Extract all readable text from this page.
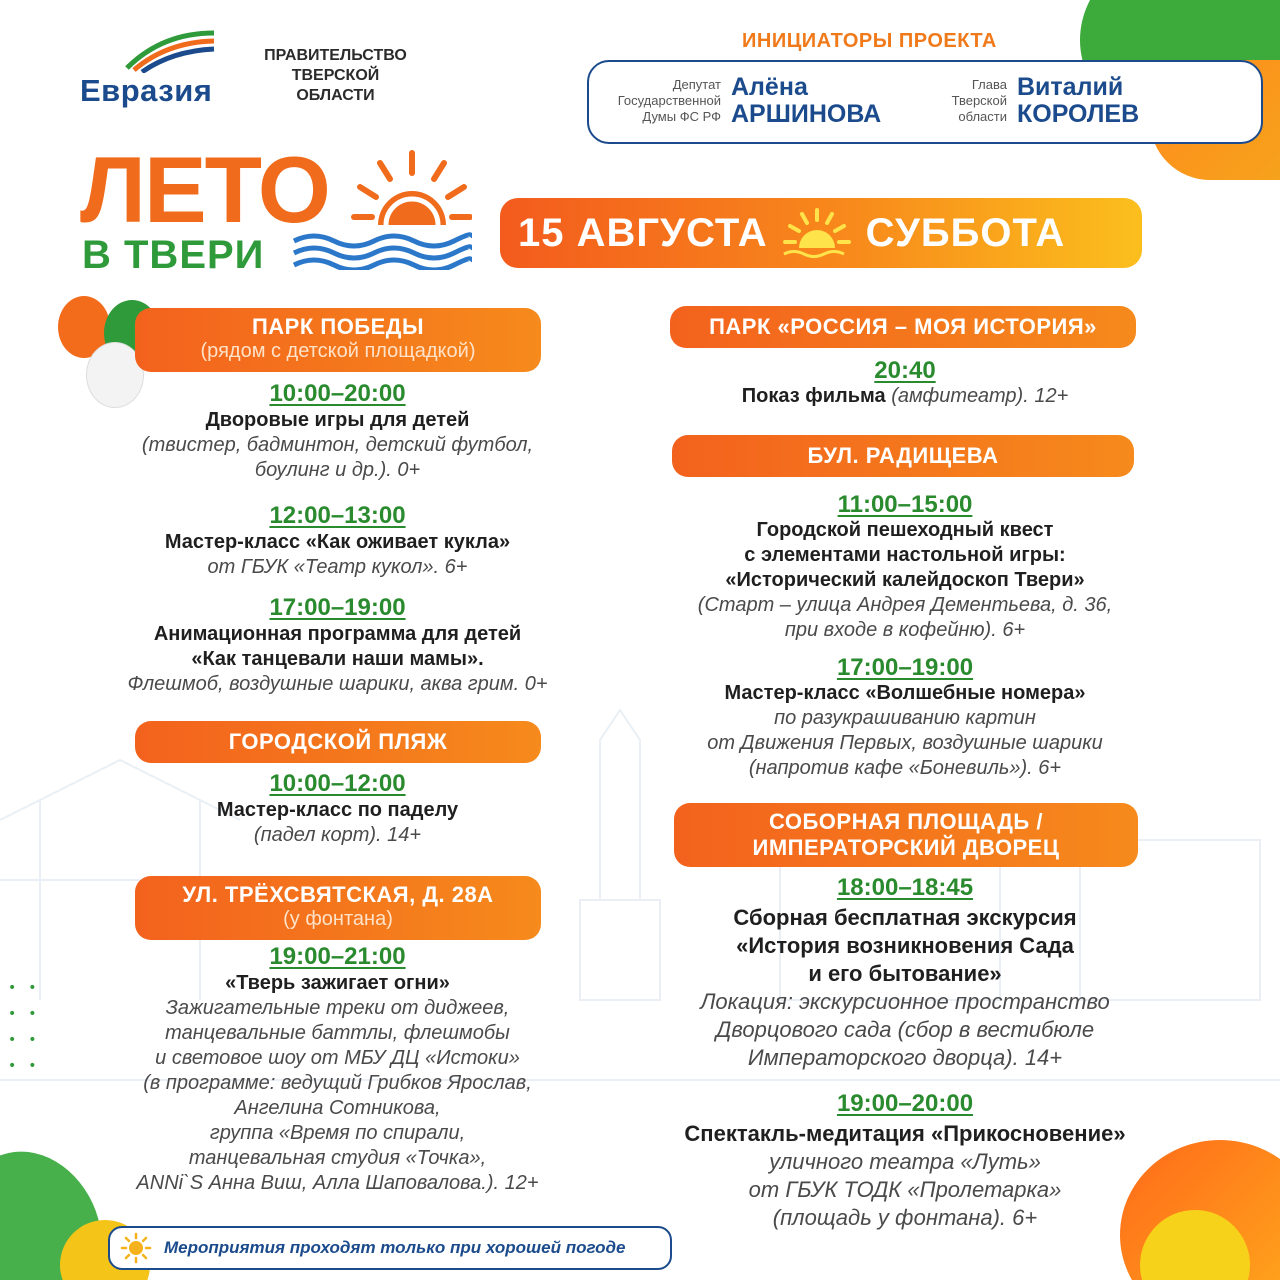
Евразия
ПРАВИТЕЛЬСТВО ТВЕРСКОЙ ОБЛАСТИ
ИНИЦИАТОРЫ ПРОЕКТА
Депутат Государственной Думы ФС РФ
Алёна
АРШИНОВА
Глава Тверской области
Виталий
КОРОЛЕВ
ЛЕТО
В ТВЕРИ
15 АВГУСТА СУББОТА
ПАРК ПОБЕДЫ
(рядом с детской площадкой)
10:00–20:00
Дворовые игры для детей
(твистер, бадминтон, детский футбол,
боулинг и др.). 0+
12:00–13:00
Мастер-класс «Как оживает кукла»
от ГБУК «Театр кукол». 6+
17:00–19:00
Анимационная программа для детей
«Как танцевали наши мамы».
Флешмоб, воздушные шарики, аква грим. 0+
ГОРОДСКОЙ ПЛЯЖ
10:00–12:00
Мастер-класс по паделу
(падел корт). 14+
УЛ. ТРЁХСВЯТСКАЯ, Д. 28А
(у фонтана)
19:00–21:00
«Тверь зажигает огни»
Зажигательные треки от диджеев,
танцевальные баттлы, флешмобы
и световое шоу от МБУ ДЦ «Истоки»
(в программе: ведущий Грибков Ярослав,
Ангелина Сотникова,
группа «Время по спирали,
танцевальная студия «Точка»,
ANNi`S Анна Виш, Алла Шаповалова.). 12+
••
••
••
••
ПАРК «РОССИЯ – МОЯ ИСТОРИЯ»
20:40
Показ фильма (амфитеатр). 12+
БУЛ. РАДИЩЕВА
11:00–15:00
Городской пешеходный квест
с элементами настольной игры:
«Исторический калейдоскоп Твери»
(Старт – улица Андрея Дементьева, д. 36,
при входе в кофейню). 6+
17:00–19:00
Мастер-класс «Волшебные номера»
по разукрашиванию картин
от Движения Первых, воздушные шарики
(напротив кафе «Боневиль»). 6+
СОБОРНАЯ ПЛОЩАДЬ /
ИМПЕРАТОРСКИЙ ДВОРЕЦ
18:00–18:45
Сборная бесплатная экскурсия
«История возникновения Сада
и его бытование»
Локация: экскурсионное пространство
Дворцового сада (сбор в вестибюле
Императорского дворца). 14+
19:00–20:00
Спектакль-медитация «Прикосновение»
уличного театра «Луть»
от ГБУК ТОДК «Пролетарка»
(площадь у фонтана). 6+
Мероприятия проходят только при хорошей погоде
